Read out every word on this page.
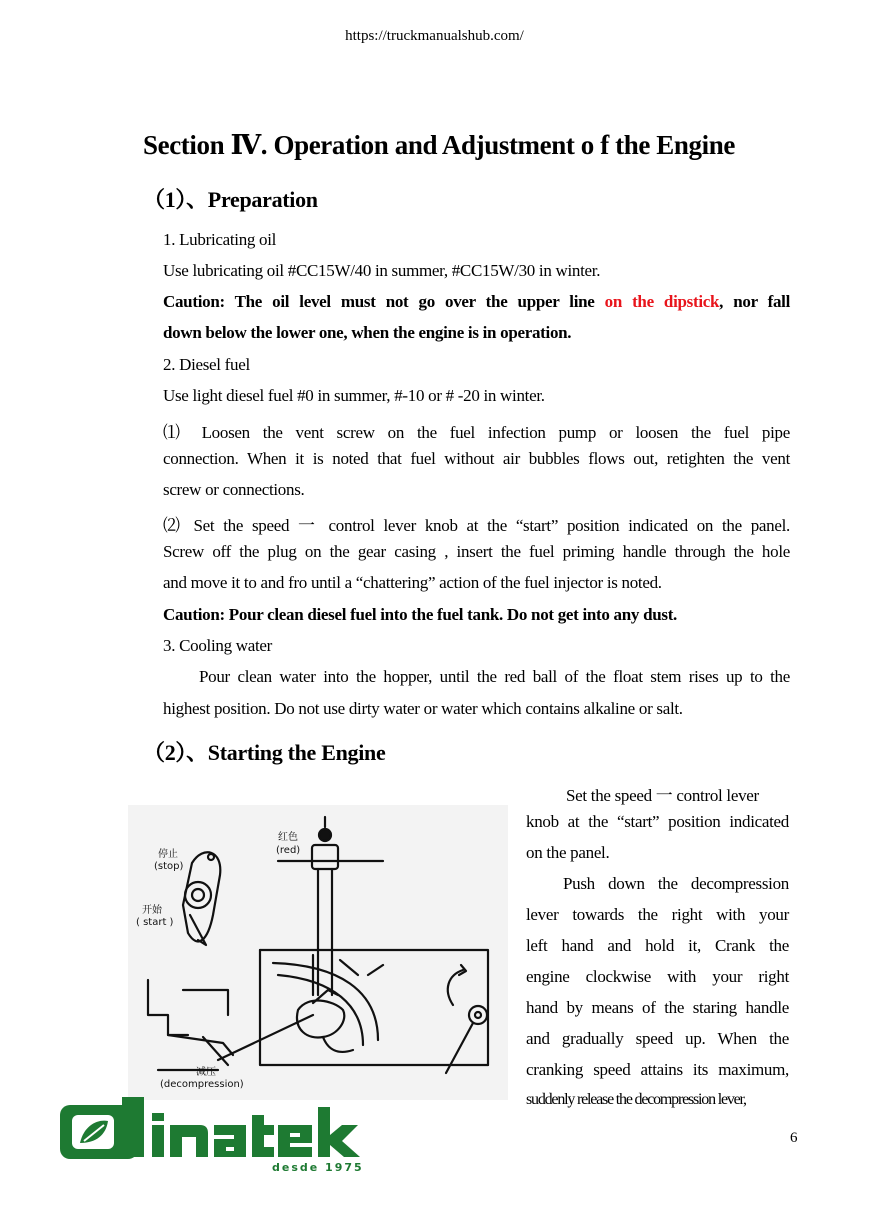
https://truckmanualshub.com/
Section Ⅳ. Operation and Adjustment o f the Engine
（1）、Preparation
1. Lubricating oil
Use lubricating oil #CC15W/40 in summer, #CC15W/30 in winter.
Caution: The oil level must not go over the upper line on the dipstick, nor fall
down below the lower one, when the engine is in operation.
2. Diesel fuel
Use light diesel fuel #0 in summer, #-10 or # -20 in winter.
⑴ Loosen the vent screw on the fuel infection pump or loosen the fuel pipe
connection. When it is noted that fuel without air bubbles flows out, retighten the vent
screw or connections.
⑵ Set the speed 一 control lever knob at the “start” position indicated on the panel.
Screw off the plug on the gear casing , insert the fuel priming handle through the hole
and move it to and fro until a “chattering” action of the fuel injector is noted.
Caution: Pour clean diesel fuel into the fuel tank. Do not get into any dust.
3. Cooling water
Pour clean water into the hopper, until the red ball of the float stem rises up to the
highest position. Do not use dirty water or water which contains alkaline or salt.
（2）、Starting the Engine
Set the speed 一 control lever
knob at the “start” position indicated
on the panel.
Push down the decompression
lever towards the right with your
left hand and hold it, Crank the
engine clockwise with your right
hand by means of the staring handle
and gradually speed up. When the
cranking speed attains its maximum,
suddenly release the decompression lever,
停止
(stop)
开始
( start )
红色
(red)
减压
(decompression)
6
desde 1975
